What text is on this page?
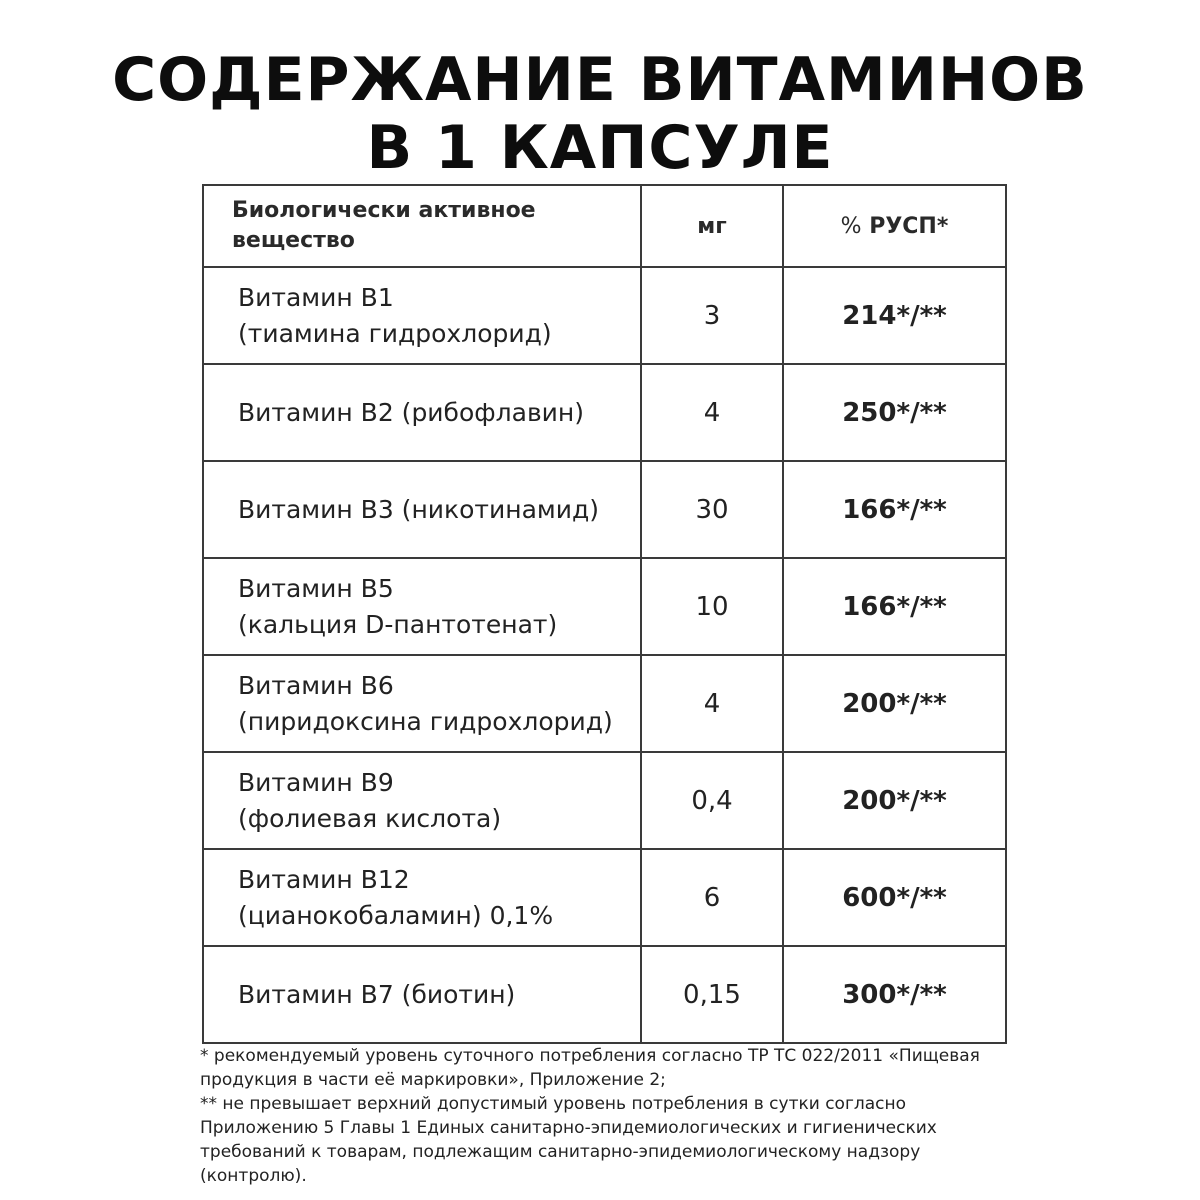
СОДЕРЖАНИЕ ВИТАМИНОВ
В 1 КАПСУЛЕ
Биологически активное
вещество	мг	% РУСП*

Витамин B1
(тиамина гидрохлорид)	3	214*/**

Витамин B2 (рибофлавин)	4	250*/**

Витамин B3 (никотинамид)	30	166*/**

Витамин B5
(кальция D-пантотенат)	10	166*/**

Витамин B6
(пиридоксина гидрохлорид)	4	200*/**

Витамин B9
(фолиевая кислота)	0,4	200*/**

Витамин B12
(цианокобаламин) 0,1%	6	600*/**

Витамин B7 (биотин)	0,15	300*/**

* рекомендуемый уровень суточного потребления согласно ТР ТС 022/2011 «Пищевая продукция в части её маркировки», Приложение 2;

** не превышает верхний допустимый уровень потребления в сутки согласно Приложению 5 Главы 1 Единых санитарно-эпидемиологических и гигиенических требований к товарам, подлежащим санитарно-эпидемиологическому надзору (контролю).
